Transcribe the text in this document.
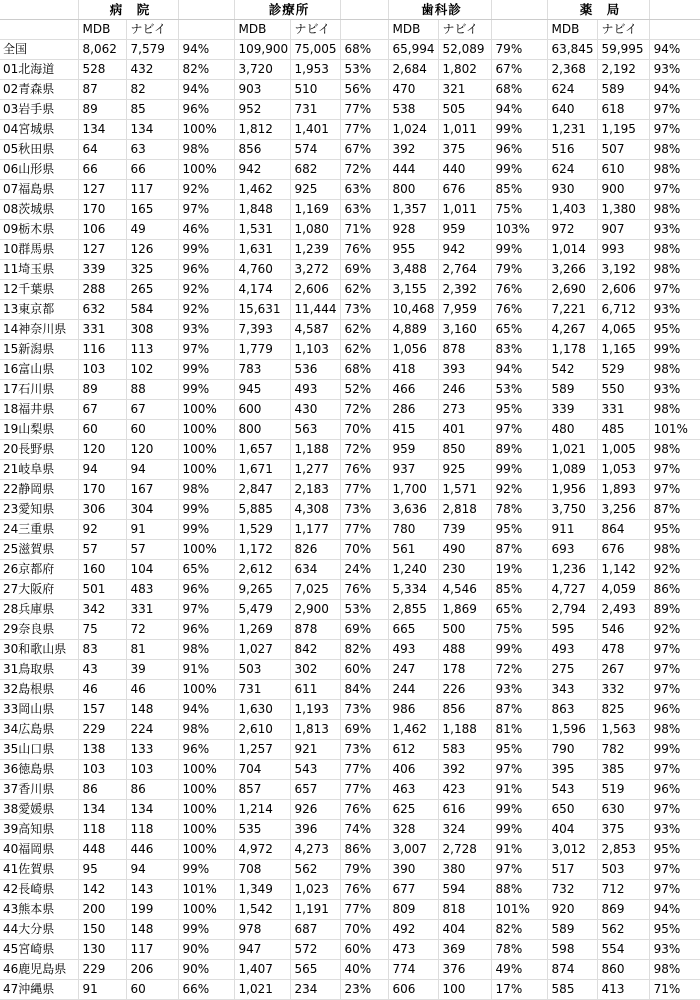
	病　院			診療所			歯科診			薬　局		
	MDB	ナビイ		MDB	ナビイ		MDB	ナビイ		MDB	ナビイ	
全国	8,062	7,579	94%	109,900	75,005	68%	65,994	52,089	79%	63,845	59,995	94%
01北海道	528	432	82%	3,720	1,953	53%	2,684	1,802	67%	2,368	2,192	93%
02青森県	87	82	94%	903	510	56%	470	321	68%	624	589	94%
03岩手県	89	85	96%	952	731	77%	538	505	94%	640	618	97%
04宮城県	134	134	100%	1,812	1,401	77%	1,024	1,011	99%	1,231	1,195	97%
05秋田県	64	63	98%	856	574	67%	392	375	96%	516	507	98%
06山形県	66	66	100%	942	682	72%	444	440	99%	624	610	98%
07福島県	127	117	92%	1,462	925	63%	800	676	85%	930	900	97%
08茨城県	170	165	97%	1,848	1,169	63%	1,357	1,011	75%	1,403	1,380	98%
09栃木県	106	49	46%	1,531	1,080	71%	928	959	103%	972	907	93%
10群馬県	127	126	99%	1,631	1,239	76%	955	942	99%	1,014	993	98%
11埼玉県	339	325	96%	4,760	3,272	69%	3,488	2,764	79%	3,266	3,192	98%
12千葉県	288	265	92%	4,174	2,606	62%	3,155	2,392	76%	2,690	2,606	97%
13東京都	632	584	92%	15,631	11,444	73%	10,468	7,959	76%	7,221	6,712	93%
14神奈川県	331	308	93%	7,393	4,587	62%	4,889	3,160	65%	4,267	4,065	95%
15新潟県	116	113	97%	1,779	1,103	62%	1,056	878	83%	1,178	1,165	99%
16富山県	103	102	99%	783	536	68%	418	393	94%	542	529	98%
17石川県	89	88	99%	945	493	52%	466	246	53%	589	550	93%
18福井県	67	67	100%	600	430	72%	286	273	95%	339	331	98%
19山梨県	60	60	100%	800	563	70%	415	401	97%	480	485	101%
20長野県	120	120	100%	1,657	1,188	72%	959	850	89%	1,021	1,005	98%
21岐阜県	94	94	100%	1,671	1,277	76%	937	925	99%	1,089	1,053	97%
22静岡県	170	167	98%	2,847	2,183	77%	1,700	1,571	92%	1,956	1,893	97%
23愛知県	306	304	99%	5,885	4,308	73%	3,636	2,818	78%	3,750	3,256	87%
24三重県	92	91	99%	1,529	1,177	77%	780	739	95%	911	864	95%
25滋賀県	57	57	100%	1,172	826	70%	561	490	87%	693	676	98%
26京都府	160	104	65%	2,612	634	24%	1,240	230	19%	1,236	1,142	92%
27大阪府	501	483	96%	9,265	7,025	76%	5,334	4,546	85%	4,727	4,059	86%
28兵庫県	342	331	97%	5,479	2,900	53%	2,855	1,869	65%	2,794	2,493	89%
29奈良県	75	72	96%	1,269	878	69%	665	500	75%	595	546	92%
30和歌山県	83	81	98%	1,027	842	82%	493	488	99%	493	478	97%
31鳥取県	43	39	91%	503	302	60%	247	178	72%	275	267	97%
32島根県	46	46	100%	731	611	84%	244	226	93%	343	332	97%
33岡山県	157	148	94%	1,630	1,193	73%	986	856	87%	863	825	96%
34広島県	229	224	98%	2,610	1,813	69%	1,462	1,188	81%	1,596	1,563	98%
35山口県	138	133	96%	1,257	921	73%	612	583	95%	790	782	99%
36徳島県	103	103	100%	704	543	77%	406	392	97%	395	385	97%
37香川県	86	86	100%	857	657	77%	463	423	91%	543	519	96%
38愛媛県	134	134	100%	1,214	926	76%	625	616	99%	650	630	97%
39高知県	118	118	100%	535	396	74%	328	324	99%	404	375	93%
40福岡県	448	446	100%	4,972	4,273	86%	3,007	2,728	91%	3,012	2,853	95%
41佐賀県	95	94	99%	708	562	79%	390	380	97%	517	503	97%
42長崎県	142	143	101%	1,349	1,023	76%	677	594	88%	732	712	97%
43熊本県	200	199	100%	1,542	1,191	77%	809	818	101%	920	869	94%
44大分県	150	148	99%	978	687	70%	492	404	82%	589	562	95%
45宮崎県	130	117	90%	947	572	60%	473	369	78%	598	554	93%
46鹿児島県	229	206	90%	1,407	565	40%	774	376	49%	874	860	98%
47沖縄県	91	60	66%	1,021	234	23%	606	100	17%	585	413	71%
